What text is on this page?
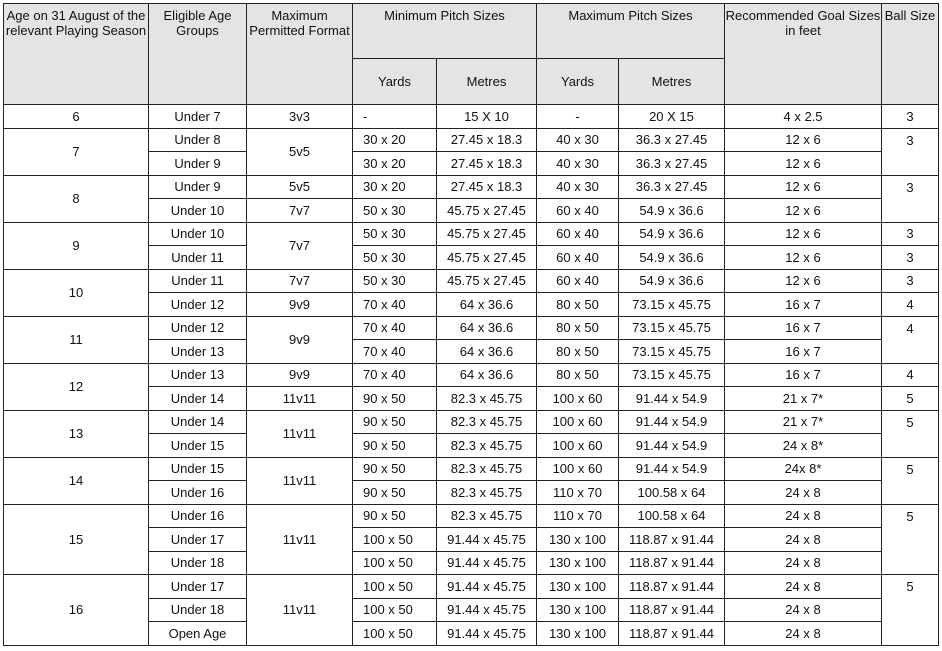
Age on 31 August of the relevant Playing Season	Eligible Age Groups	Maximum Permitted Format	Minimum Pitch Sizes		Maximum Pitch Sizes		Recommended Goal Sizes in feet	Ball Size
			Yards	Metres	Yards	Metres		
6	Under 7	3v3	-	15 X 10	-	20 X 15	4 x 2.5	3
7	Under 8	5v5	30 x 20	27.45 x 18.3	40 x 30	36.3 x 27.45	12 x 6	3
	Under 9		30 x 20	27.45 x 18.3	40 x 30	36.3 x 27.45	12 x 6	
8	Under 9	5v5	30 x 20	27.45 x 18.3	40 x 30	36.3 x 27.45	12 x 6	3
	Under 10	7v7	50 x 30	45.75 x 27.45	60 x 40	54.9 x 36.6	12 x 6	
9	Under 10	7v7	50 x 30	45.75 x 27.45	60 x 40	54.9 x 36.6	12 x 6	3
	Under 11		50 x 30	45.75 x 27.45	60 x 40	54.9 x 36.6	12 x 6	3
10	Under 11	7v7	50 x 30	45.75 x 27.45	60 x 40	54.9 x 36.6	12 x 6	3
	Under 12	9v9	70 x 40	64 x 36.6	80 x 50	73.15 x 45.75	16 x 7	4
11	Under 12	9v9	70 x 40	64 x 36.6	80 x 50	73.15 x 45.75	16 x 7	4
	Under 13		70 x 40	64 x 36.6	80 x 50	73.15 x 45.75	16 x 7	
12	Under 13	9v9	70 x 40	64 x 36.6	80 x 50	73.15 x 45.75	16 x 7	4
	Under 14	11v11	90 x 50	82.3 x 45.75	100 x 60	91.44 x 54.9	21 x 7*	5
13	Under 14	11v11	90 x 50	82.3 x 45.75	100 x 60	91.44 x 54.9	21 x 7*	5
	Under 15		90 x 50	82.3 x 45.75	100 x 60	91.44 x 54.9	24 x 8*	
14	Under 15	11v11	90 x 50	82.3 x 45.75	100 x 60	91.44 x 54.9	24x 8*	5
	Under 16		90 x 50	82.3 x 45.75	110 x 70	100.58 x 64	24 x 8	
15	Under 16	11v11	90 x 50	82.3 x 45.75	110 x 70	100.58 x 64	24 x 8	5
	Under 17		100 x 50	91.44 x 45.75	130 x 100	118.87 x 91.44	24 x 8	
	Under 18		100 x 50	91.44 x 45.75	130 x 100	118.87 x 91.44	24 x 8	
16	Under 17	11v11	100 x 50	91.44 x 45.75	130 x 100	118.87 x 91.44	24 x 8	5
	Under 18		100 x 50	91.44 x 45.75	130 x 100	118.87 x 91.44	24 x 8	
	Open Age		100 x 50	91.44 x 45.75	130 x 100	118.87 x 91.44	24 x 8	
